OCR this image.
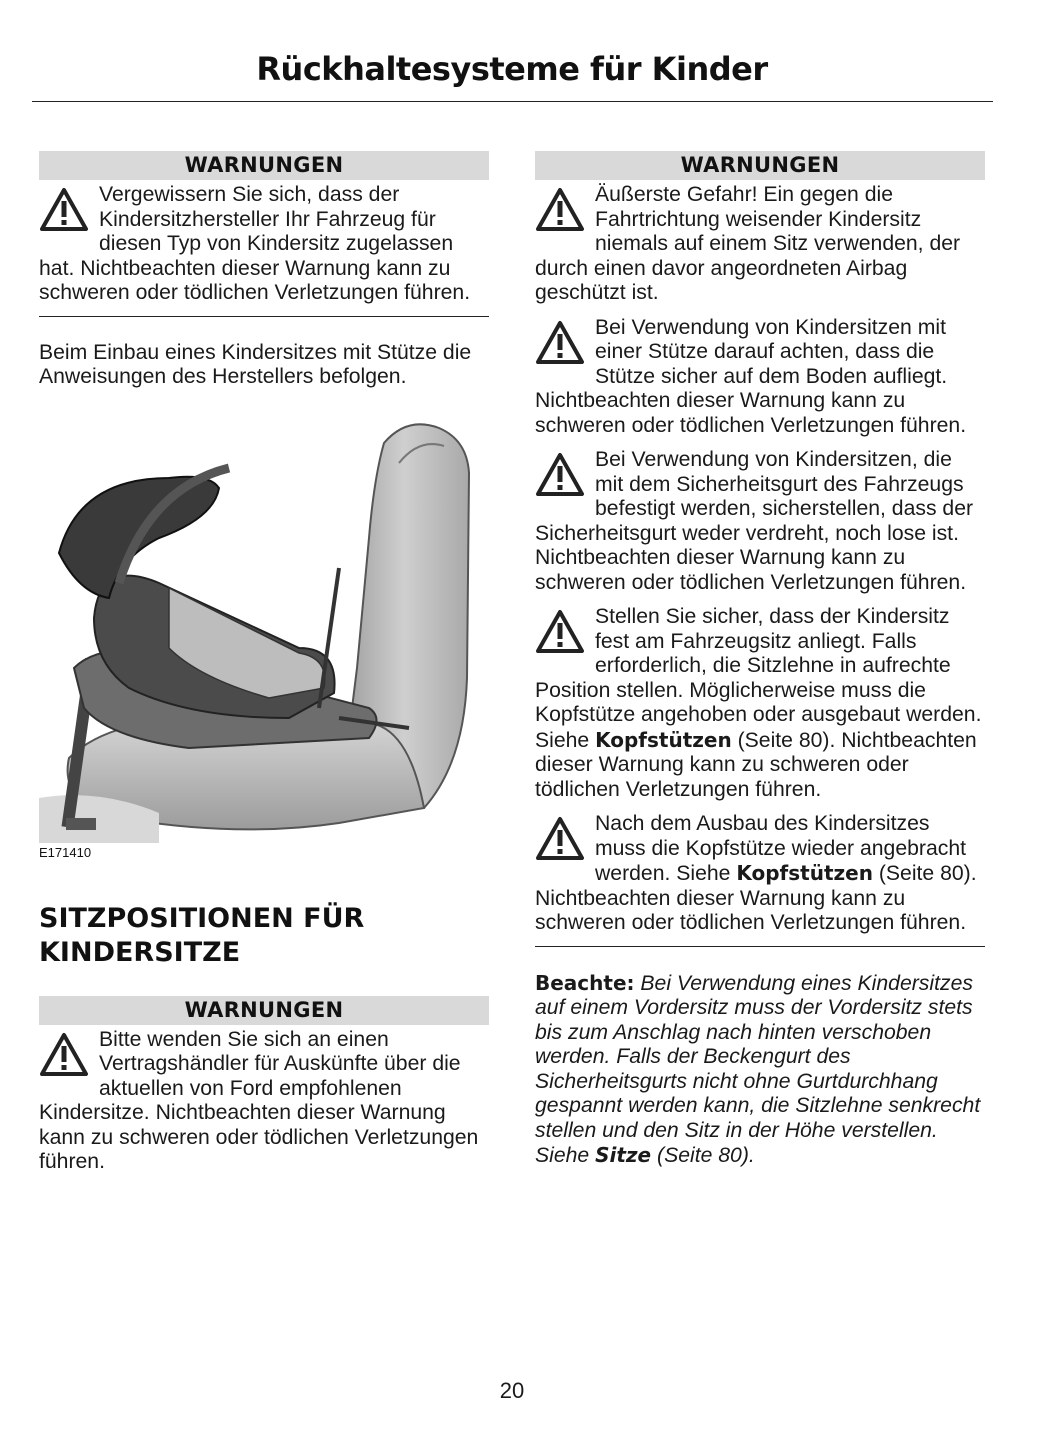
Rückhaltesysteme für Kinder
WARNUNGEN
Vergewissern Sie sich, dass der Kindersitzhersteller Ihr Fahrzeug für diesen Typ von Kindersitz zugelassen hat. Nichtbeachten dieser Warnung kann zu schweren oder tödlichen Verletzungen führen.
Beim Einbau eines Kindersitzes mit Stütze die Anweisungen des Herstellers befolgen.
E171410
SITZPOSITIONEN FÜR KINDERSITZE
WARNUNGEN
Bitte wenden Sie sich an einen Vertragshändler für Auskünfte über die aktuellen von Ford empfohlenen Kindersitze. Nichtbeachten dieser Warnung kann zu schweren oder tödlichen Verletzungen führen.
WARNUNGEN
Äußerste Gefahr! Ein gegen die Fahrtrichtung weisender Kindersitz niemals auf einem Sitz verwenden, der durch einen davor angeordneten Airbag geschützt ist.
Bei Verwendung von Kindersitzen mit einer Stütze darauf achten, dass die Stütze sicher auf dem Boden aufliegt. Nichtbeachten dieser Warnung kann zu schweren oder tödlichen Verletzungen führen.
Bei Verwendung von Kindersitzen, die mit dem Sicherheitsgurt des Fahrzeugs befestigt werden, sicherstellen, dass der Sicherheitsgurt weder verdreht, noch lose ist. Nichtbeachten dieser Warnung kann zu schweren oder tödlichen Verletzungen führen.
Stellen Sie sicher, dass der Kindersitz fest am Fahrzeugsitz anliegt. Falls erforderlich, die Sitzlehne in aufrechte Position stellen. Möglicherweise muss die Kopfstütze angehoben oder ausgebaut werden. Siehe Kopfstützen (Seite 80). Nichtbeachten dieser Warnung kann zu schweren oder tödlichen Verletzungen führen.
Nach dem Ausbau des Kindersitzes muss die Kopfstütze wieder angebracht werden. Siehe Kopfstützen (Seite 80). Nichtbeachten dieser Warnung kann zu schweren oder tödlichen Verletzungen führen.
Beachte: Bei Verwendung eines Kindersitzes auf einem Vordersitz muss der Vordersitz stets bis zum Anschlag nach hinten verschoben werden. Falls der Beckengurt des Sicherheitsgurts nicht ohne Gurtdurchhang gespannt werden kann, die Sitzlehne senkrecht stellen und den Sitz in der Höhe verstellen. Siehe Sitze (Seite 80).
20
